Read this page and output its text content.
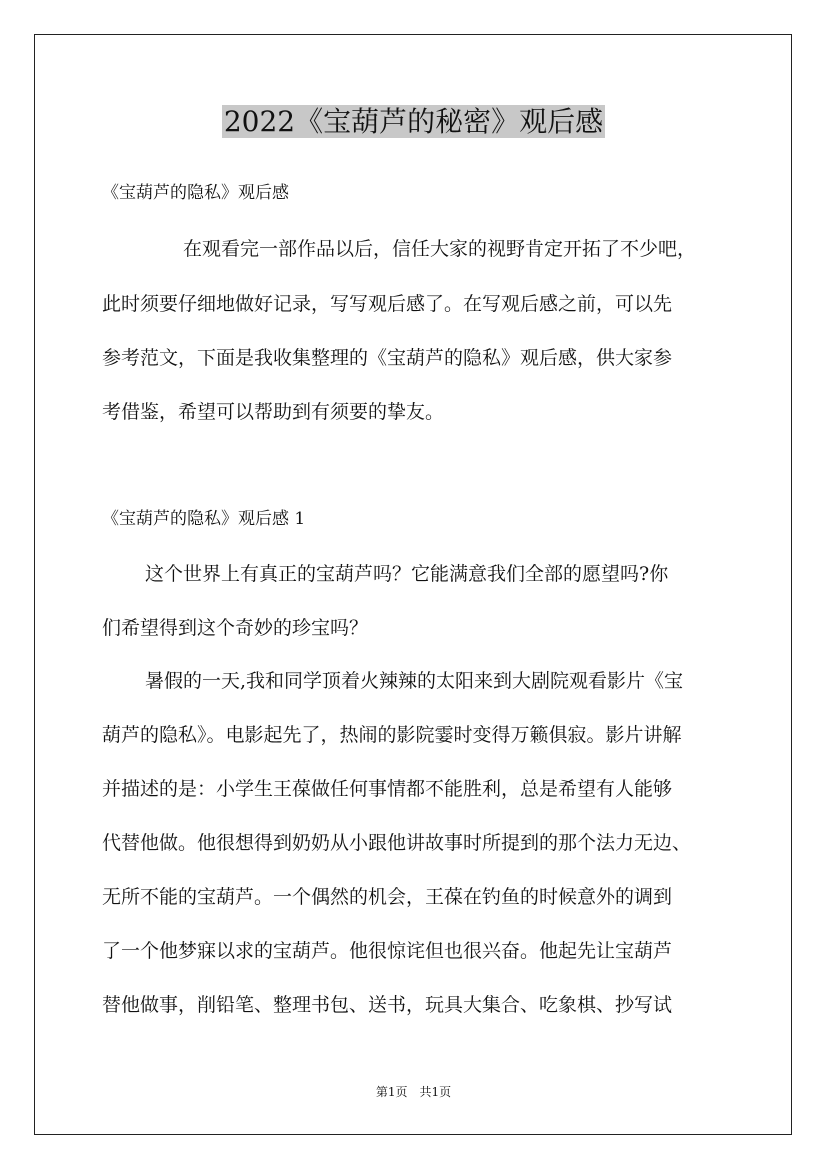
2022《宝葫芦的秘密》观后感
《宝葫芦的隐私》观后感
在观看完一部作品以后，信任大家的视野肯定开拓了不少吧，
此时须要仔细地做好记录，写写观后感了。在写观后感之前，可以先
参考范文，下面是我收集整理的《宝葫芦的隐私》观后感，供大家参
考借鉴，希望可以帮助到有须要的挚友。
《宝葫芦的隐私》观后感 1
这个世界上有真正的宝葫芦吗？它能满意我们全部的愿望吗?你
们希望得到这个奇妙的珍宝吗？
暑假的一天,我和同学顶着火辣辣的太阳来到大剧院观看影片《宝
葫芦的隐私》。电影起先了，热闹的影院霎时变得万籁俱寂。影片讲解
并描述的是：小学生王葆做任何事情都不能胜利，总是希望有人能够
代替他做。他很想得到奶奶从小跟他讲故事时所提到的那个法力无边、
无所不能的宝葫芦。一个偶然的机会，王葆在钓鱼的时候意外的调到
了一个他梦寐以求的宝葫芦。他很惊诧但也很兴奋。他起先让宝葫芦
替他做事，削铅笔、整理书包、送书，玩具大集合、吃象棋、抄写试
第1页　共1页
